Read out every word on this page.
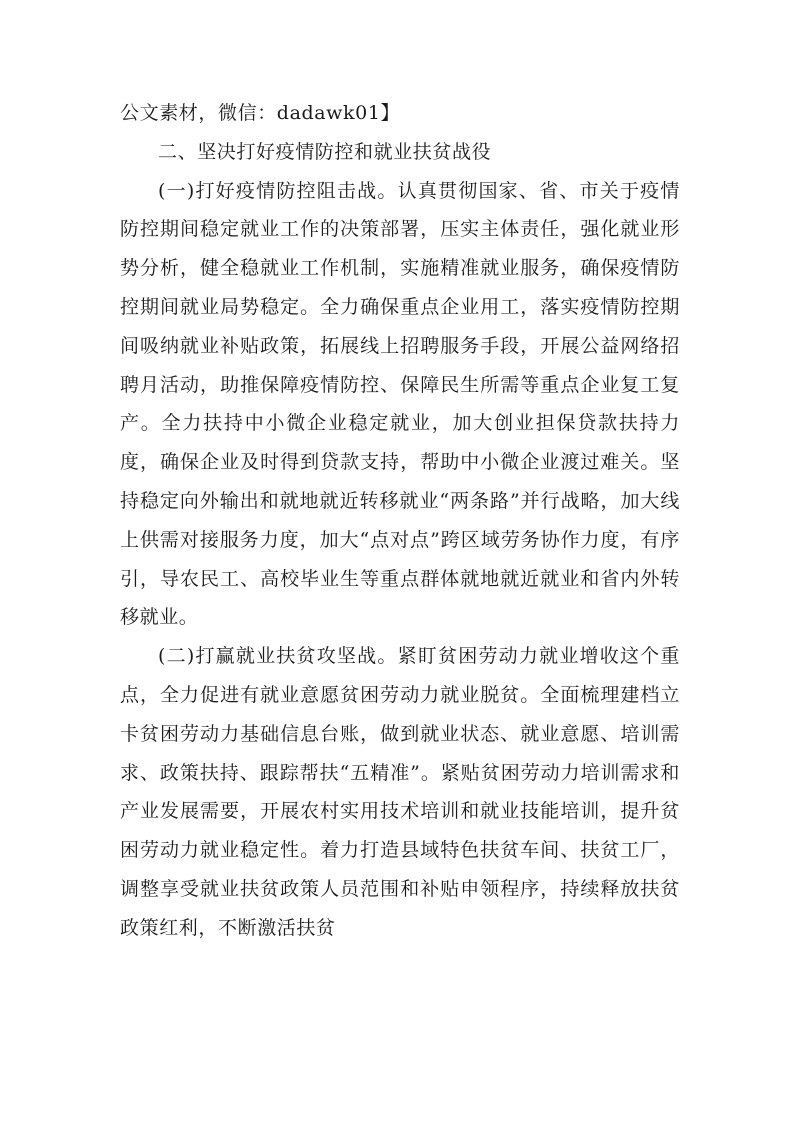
公文素材，微信：dadawk01】

二、坚决打好疫情防控和就业扶贫战役

(一)打好疫情防控阻击战。认真贯彻国家、省、市关于疫情防控期间稳定就业工作的决策部署，压实主体责任，强化就业形势分析，健全稳就业工作机制，实施精准就业服务，确保疫情防控期间就业局势稳定。全力确保重点企业用工，落实疫情防控期间吸纳就业补贴政策，拓展线上招聘服务手段，开展公益网络招聘月活动，助推保障疫情防控、保障民生所需等重点企业复工复产。全力扶持中小微企业稳定就业，加大创业担保贷款扶持力度，确保企业及时得到贷款支持，帮助中小微企业渡过难关。坚持稳定向外输出和就地就近转移就业“两条路”并行战略，加大线上供需对接服务力度，加大“点对点”跨区域劳务协作力度，有序引，导农民工、高校毕业生等重点群体就地就近就业和省内外转移就业。

(二)打赢就业扶贫攻坚战。紧盯贫困劳动力就业增收这个重点，全力促进有就业意愿贫困劳动力就业脱贫。全面梳理建档立卡贫困劳动力基础信息台账，做到就业状态、就业意愿、培训需求、政策扶持、跟踪帮扶“五精准”。紧贴贫困劳动力培训需求和产业发展需要，开展农村实用技术培训和就业技能培训，提升贫困劳动力就业稳定性。着力打造县域特色扶贫车间、扶贫工厂，调整享受就业扶贫政策人员范围和补贴申领程序，持续释放扶贫政策红利，不断激活扶贫
